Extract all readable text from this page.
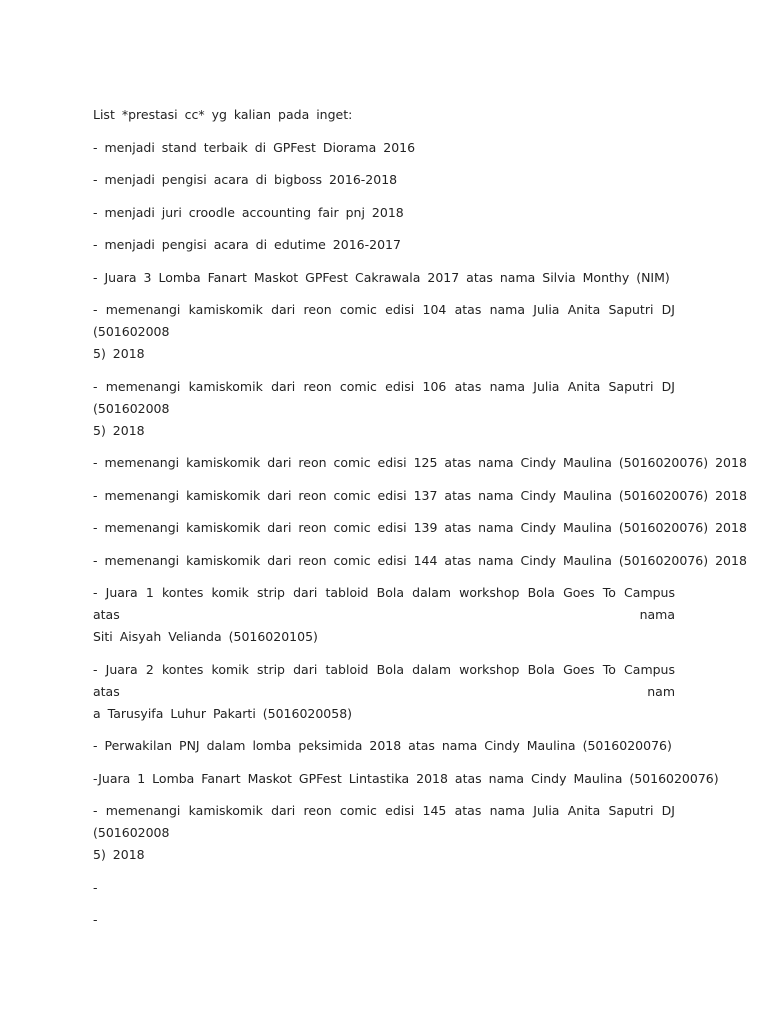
List *prestasi cc* yg kalian pada inget:

- menjadi stand terbaik di GPFest Diorama 2016

- menjadi pengisi acara di bigboss 2016-2018

- menjadi juri croodle accounting fair pnj 2018

- menjadi pengisi acara di edutime 2016-2017

- Juara 3 Lomba Fanart Maskot GPFest Cakrawala 2017 atas nama Silvia Monthy (NIM)

- memenangi kamiskomik dari reon comic edisi 104 atas nama Julia Anita Saputri DJ (501602008
5) 2018

- memenangi kamiskomik dari reon comic edisi 106 atas nama Julia Anita Saputri DJ (501602008
5) 2018

- memenangi kamiskomik dari reon comic edisi 125 atas nama Cindy Maulina (5016020076) 2018

- memenangi kamiskomik dari reon comic edisi 137 atas nama Cindy Maulina (5016020076) 2018

- memenangi kamiskomik dari reon comic edisi 139 atas nama Cindy Maulina (5016020076) 2018

- memenangi kamiskomik dari reon comic edisi 144 atas nama Cindy Maulina (5016020076) 2018

- Juara 1 kontes komik strip dari tabloid Bola dalam workshop Bola Goes To Campus atas nama
Siti Aisyah Velianda (5016020105)

- Juara 2 kontes komik strip dari tabloid Bola dalam workshop Bola Goes To Campus atas nam
a Tarusyifa Luhur Pakarti (5016020058)

- Perwakilan PNJ dalam lomba peksimida 2018 atas nama Cindy Maulina (5016020076)

-Juara 1 Lomba Fanart Maskot GPFest Lintastika 2018 atas nama Cindy Maulina (5016020076)

- memenangi kamiskomik dari reon comic edisi 145 atas nama Julia Anita Saputri DJ (501602008
5) 2018

-

-
